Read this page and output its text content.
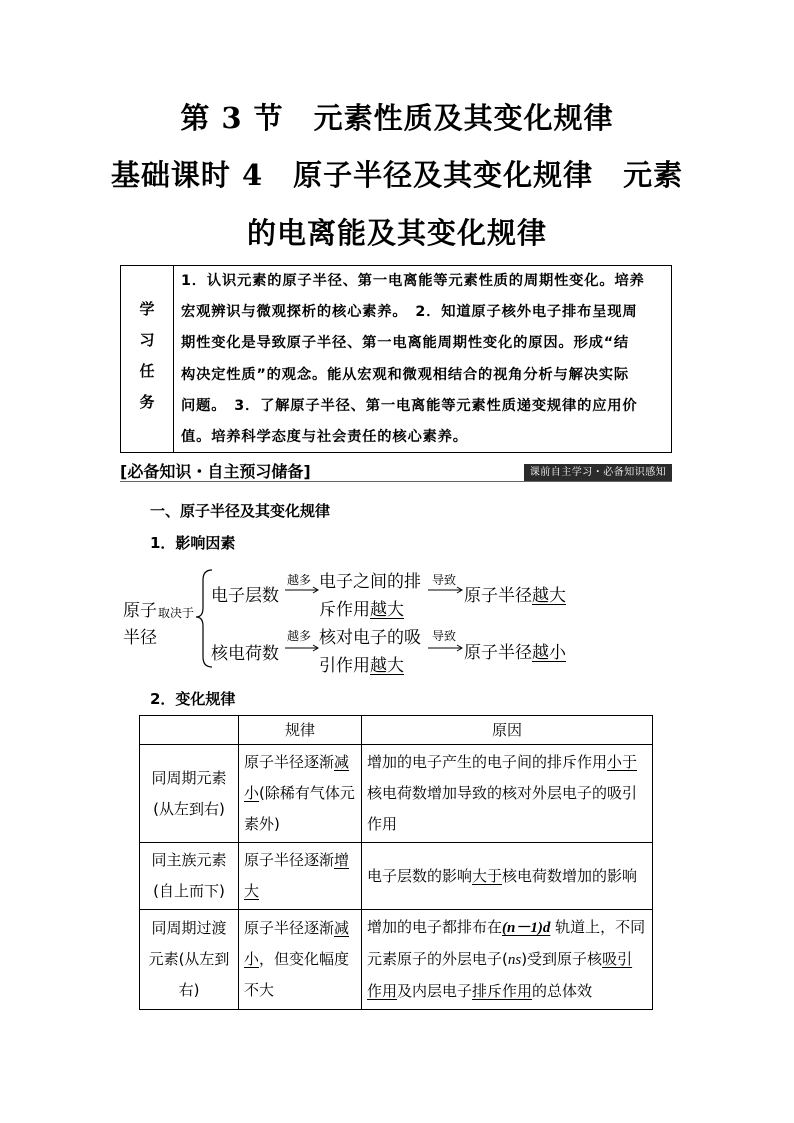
第 3 节　元素性质及其变化规律
基础课时 4　原子半径及其变化规律　元素
的电离能及其变化规律
学
习
任
务
1．认识元素的原子半径、第一电离能等元素性质的周期性变化。培养
宏观辨识与微观探析的核心素养。　2．知道原子核外电子排布呈现周
期性变化是导致原子半径、第一电离能周期性变化的原因。形成“结
构决定性质”的观念。能从宏观和微观相结合的视角分析与解决实际
问题。　3．了解原子半径、第一电离能等元素性质递变规律的应用价
值。培养科学态度与社会责任的核心素养。
[必备知识・自主预习储备]	课前自主学习・必备知识感知
一、原子半径及其变化规律
1．影响因素
原子
半径
取决于
电子层数
越多 电子之间的排
斥作用越大
导致
原子半径越大
核电荷数
越多 核对电子的吸
引作用越大
导致
原子半径越小
2．变化规律
	规律	原因

同周期元素
(从左到右)	原子半径逐渐减小(除稀有气体元素外)	增加的电子产生的电子间的排斥作用小于核电荷数增加导致的核对外层电子的吸引作用

同主族元素
(自上而下)	原子半径逐渐增大	电子层数的影响大于核电荷数增加的影响

同周期过渡
元素(从左到
右)	原子半径逐渐减小，但变化幅度不大	增加的电子都排布在(n－1)d 轨道上，不同元素原子的外层电子(ns)受到原子核吸引作用及内层电子排斥作用的总体效
